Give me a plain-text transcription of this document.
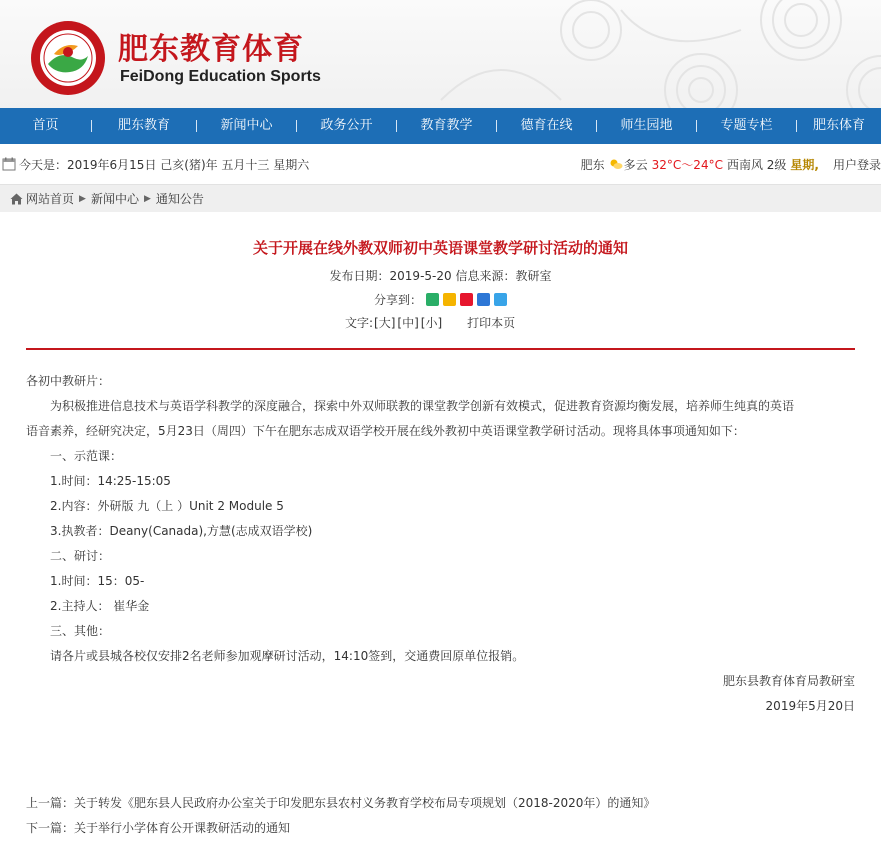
肥东教育体育
FeiDong Education Sports
首页	肥东教育	新闻中心	政务公开	教育教学	德育在线	师生园地	专题专栏	肥东体育
今天是：2019年6月15日 己亥(猪)年 五月十三 星期六	肥东 多云 32°C～24°C 西南风 2级 星期, 用户登录
网站首页 ▶ 新闻中心 ▶ 通知公告
关于开展在线外教双师初中英语课堂教学研讨活动的通知
发布日期：2019-5-20 信息来源：教研室
分享到：
文字: [大] [中] [小] 打印本页
各初中教研片：
为积极推进信息技术与英语学科教学的深度融合，探索中外双师联教的课堂教学创新有效模式，促进教育资源均衡发展，培养师生纯真的英语
语音素养，经研究决定，5月23日（周四）下午在肥东志成双语学校开展在线外教初中英语课堂教学研讨活动。现将具体事项通知如下：
一、示范课：
1.时间：14:25-15:05
2.内容：外研版 九（上 ）Unit 2 Module 5
3.执教者：Deany(Canada),方慧(志成双语学校)
二、研讨：
1.时间：15：05-
2.主持人： 崔华金
三、其他：
请各片或县城各校仅安排2名老师参加观摩研讨活动，14:10签到，交通费回原单位报销。
肥东县教育体育局教研室
2019年5月20日
上一篇：关于转发《肥东县人民政府办公室关于印发肥东县农村义务教育学校布局专项规划（2018-2020年）的通知》
下一篇：关于举行小学体育公开课教研活动的通知
